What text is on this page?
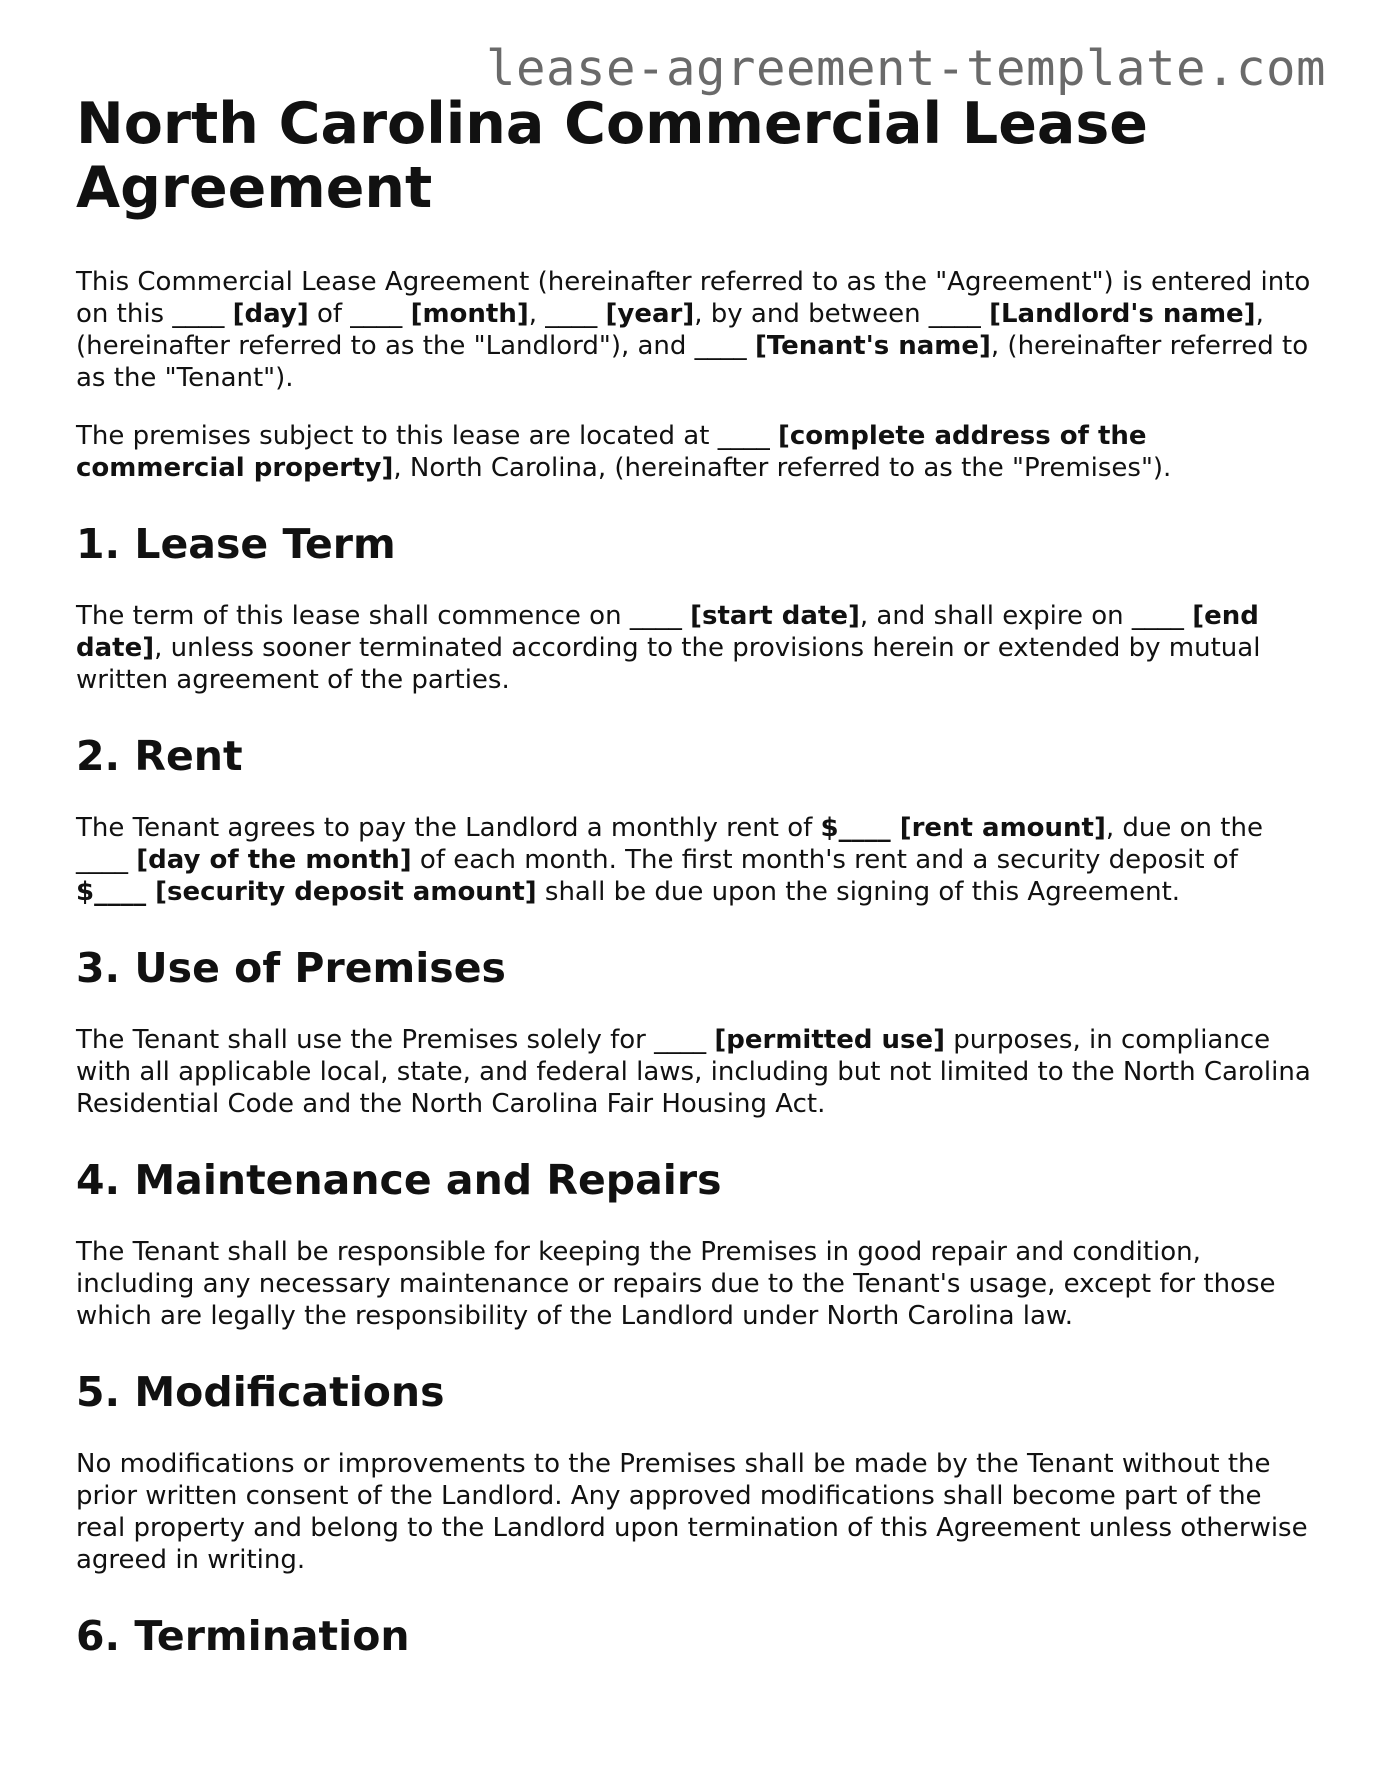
lease-agreement-template.com
North Carolina Commercial Lease Agreement

This Commercial Lease Agreement (hereinafter referred to as the "Agreement") is entered into on this ____ [day] of ____ [month], ____ [year], by and between ____ [Landlord's name], (hereinafter referred to as the "Landlord"), and ____ [Tenant's name], (hereinafter referred to as the "Tenant").

The premises subject to this lease are located at ____ [complete address of the commercial property], North Carolina, (hereinafter referred to as the "Premises").

1. Lease Term

The term of this lease shall commence on ____ [start date], and shall expire on ____ [end date], unless sooner terminated according to the provisions herein or extended by mutual written agreement of the parties.

2. Rent

The Tenant agrees to pay the Landlord a monthly rent of $____ [rent amount], due on the ____ [day of the month] of each month. The first month's rent and a security deposit of $____ [security deposit amount] shall be due upon the signing of this Agreement.

3. Use of Premises

The Tenant shall use the Premises solely for ____ [permitted use] purposes, in compliance with all applicable local, state, and federal laws, including but not limited to the North Carolina Residential Code and the North Carolina Fair Housing Act.

4. Maintenance and Repairs

The Tenant shall be responsible for keeping the Premises in good repair and condition, including any necessary maintenance or repairs due to the Tenant's usage, except for those which are legally the responsibility of the Landlord under North Carolina law.

5. Modifications

No modifications or improvements to the Premises shall be made by the Tenant without the prior written consent of the Landlord. Any approved modifications shall become part of the real property and belong to the Landlord upon termination of this Agreement unless otherwise agreed in writing.

6. Termination
